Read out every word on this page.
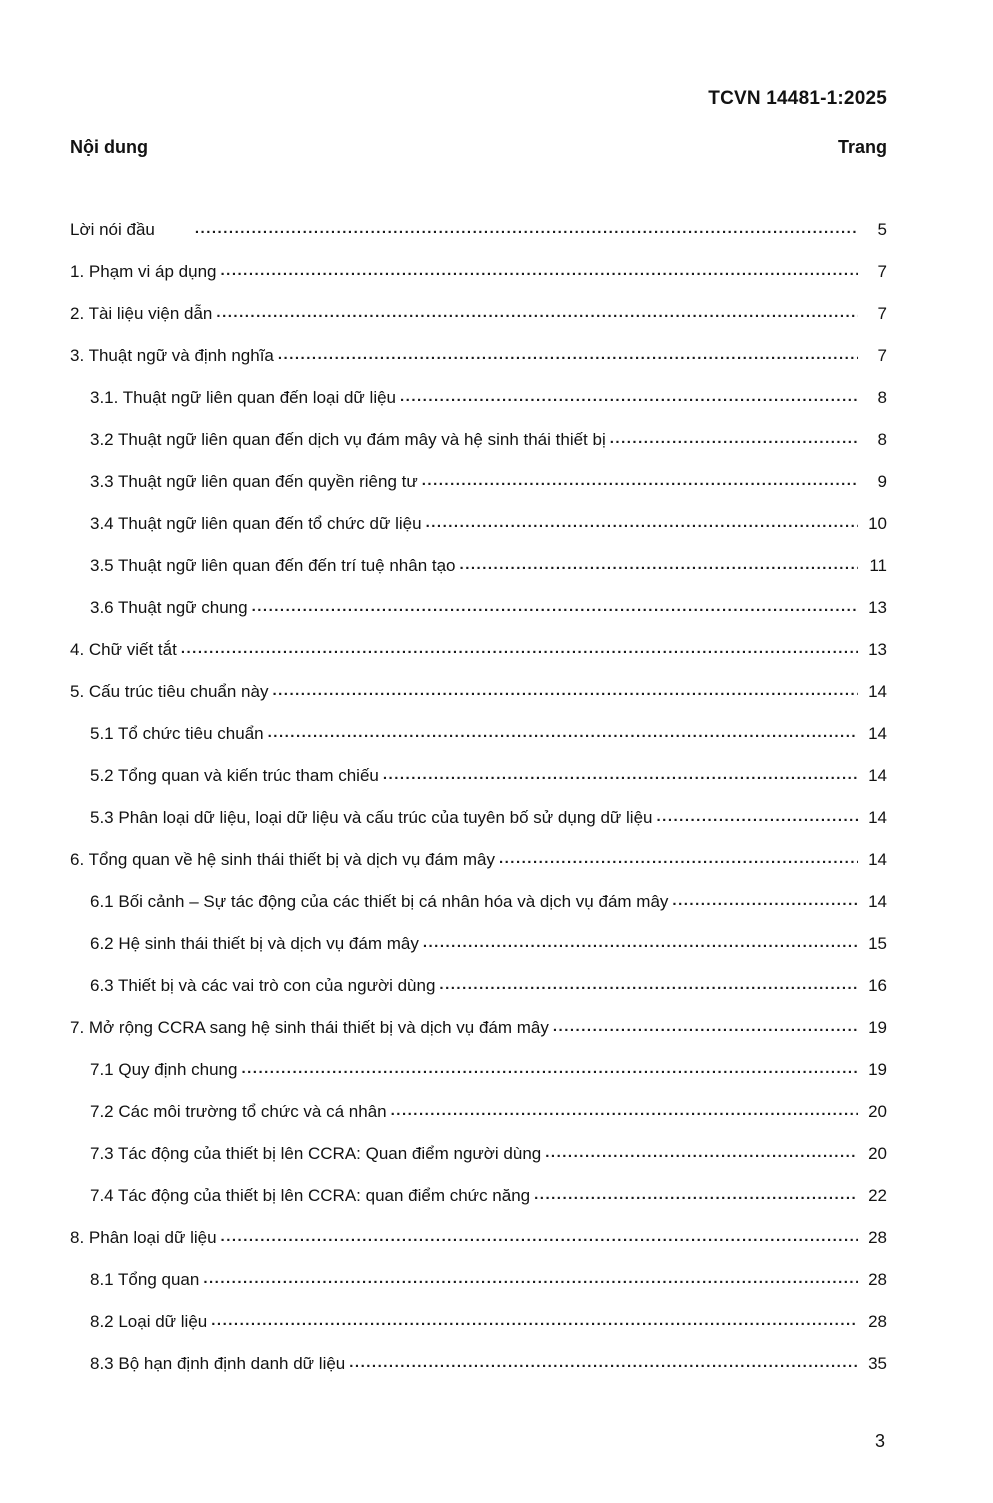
TCVN 14481-1:2025
Nội dung	Trang
Lời nói đầu .....	5
1. Phạm vi áp dụng .....	7
2. Tài liệu viện dẫn .....	7
3. Thuật ngữ và định nghĩa .....	7
3.1. Thuật ngữ liên quan đến loại dữ liệu .....	8
3.2 Thuật ngữ liên quan đến dịch vụ đám mây và hệ sinh thái thiết bị .....	8
3.3 Thuật ngữ liên quan đến quyền riêng tư .....	9
3.4 Thuật ngữ liên quan đến tổ chức dữ liệu .....	10
3.5 Thuật ngữ liên quan đến đến trí tuệ nhân tạo .....	11
3.6 Thuật ngữ chung .....	13
4. Chữ viết tắt .....	13
5. Cấu trúc tiêu chuẩn này .....	14
5.1 Tổ chức tiêu chuẩn .....	14
5.2 Tổng quan và kiến trúc tham chiếu .....	14
5.3 Phân loại dữ liệu, loại dữ liệu và cấu trúc của tuyên bố sử dụng dữ liệu .....	14
6. Tổng quan về hệ sinh thái thiết bị và dịch vụ đám mây .....	14
6.1 Bối cảnh – Sự tác động của các thiết bị cá nhân hóa và dịch vụ đám mây .....	14
6.2 Hệ sinh thái thiết bị và dịch vụ đám mây .....	15
6.3 Thiết bị và các vai trò con của người dùng .....	16
7. Mở rộng CCRA sang hệ sinh thái thiết bị và dịch vụ đám mây .....	19
7.1 Quy định chung .....	19
7.2 Các môi trường tổ chức và cá nhân .....	20
7.3 Tác động của thiết bị lên CCRA: Quan điểm người dùng .....	20
7.4 Tác động của thiết bị lên CCRA: quan điểm chức năng .....	22
8. Phân loại dữ liệu .....	28
8.1 Tổng quan .....	28
8.2 Loại dữ liệu .....	28
8.3 Bộ hạn định định danh dữ liệu .....	35
3
